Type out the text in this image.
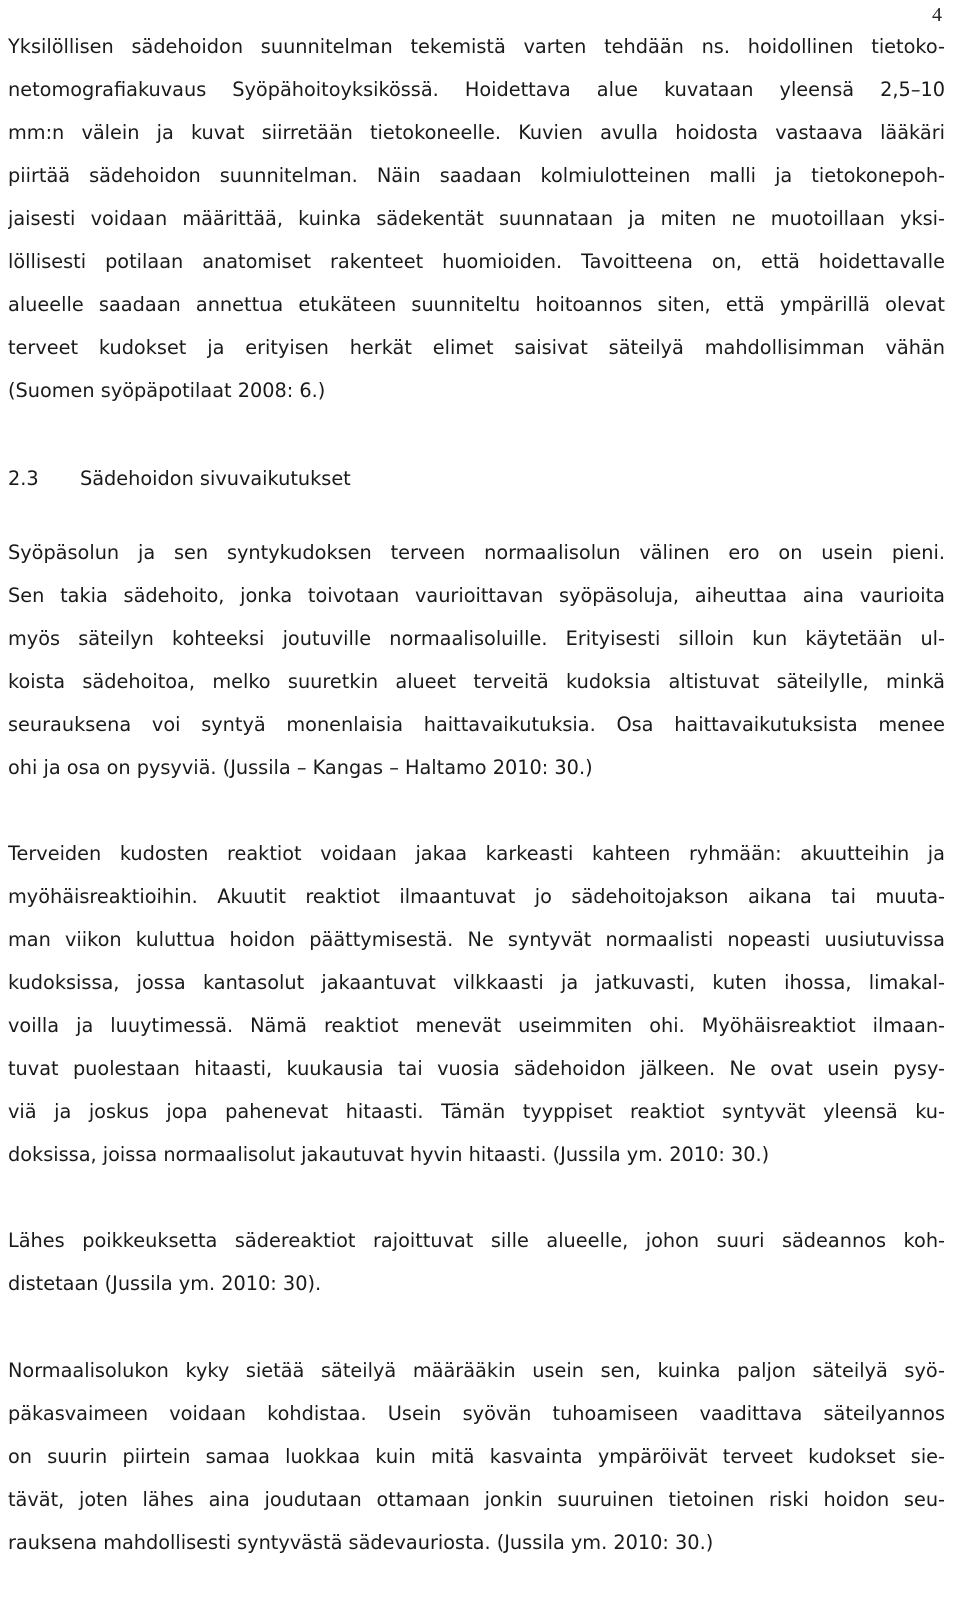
4
Yksilöllisen sädehoidon suunnitelman tekemistä varten tehdään ns. hoidollinen tietoko-
netomografiakuvaus Syöpähoitoyksikössä. Hoidettava alue kuvataan yleensä 2,5–10
mm:n välein ja kuvat siirretään tietokoneelle. Kuvien avulla hoidosta vastaava lääkäri
piirtää sädehoidon suunnitelman. Näin saadaan kolmiulotteinen malli ja tietokonepoh-
jaisesti voidaan määrittää, kuinka sädekentät suunnataan ja miten ne muotoillaan yksi-
löllisesti potilaan anatomiset rakenteet huomioiden. Tavoitteena on, että hoidettavalle
alueelle saadaan annettua etukäteen suunniteltu hoitoannos siten, että ympärillä olevat
terveet kudokset ja erityisen herkät elimet saisivat säteilyä mahdollisimman vähän
(Suomen syöpäpotilaat 2008: 6.)
2.3 Sädehoidon sivuvaikutukset
Syöpäsolun ja sen syntykudoksen terveen normaalisolun välinen ero on usein pieni.
Sen takia sädehoito, jonka toivotaan vaurioittavan syöpäsoluja, aiheuttaa aina vaurioita
myös säteilyn kohteeksi joutuville normaalisoluille. Erityisesti silloin kun käytetään ul-
koista sädehoitoa, melko suuretkin alueet terveitä kudoksia altistuvat säteilylle, minkä
seurauksena voi syntyä monenlaisia haittavaikutuksia. Osa haittavaikutuksista menee
ohi ja osa on pysyviä. (Jussila – Kangas – Haltamo 2010: 30.)
Terveiden kudosten reaktiot voidaan jakaa karkeasti kahteen ryhmään: akuutteihin ja
myöhäisreaktioihin. Akuutit reaktiot ilmaantuvat jo sädehoitojakson aikana tai muuta-
man viikon kuluttua hoidon päättymisestä. Ne syntyvät normaalisti nopeasti uusiutuvissa
kudoksissa, jossa kantasolut jakaantuvat vilkkaasti ja jatkuvasti, kuten ihossa, limakal-
voilla ja luuytimessä. Nämä reaktiot menevät useimmiten ohi. Myöhäisreaktiot ilmaan-
tuvat puolestaan hitaasti, kuukausia tai vuosia sädehoidon jälkeen. Ne ovat usein pysy-
viä ja joskus jopa pahenevat hitaasti. Tämän tyyppiset reaktiot syntyvät yleensä ku-
doksissa, joissa normaalisolut jakautuvat hyvin hitaasti. (Jussila ym. 2010: 30.)
Lähes poikkeuksetta sädereaktiot rajoittuvat sille alueelle, johon suuri sädeannos koh-
distetaan (Jussila ym. 2010: 30).
Normaalisolukon kyky sietää säteilyä määrääkin usein sen, kuinka paljon säteilyä syö-
päkasvaimeen voidaan kohdistaa. Usein syövän tuhoamiseen vaadittava säteilyannos
on suurin piirtein samaa luokkaa kuin mitä kasvainta ympäröivät terveet kudokset sie-
tävät, joten lähes aina joudutaan ottamaan jonkin suuruinen tietoinen riski hoidon seu-
rauksena mahdollisesti syntyvästä sädevauriosta. (Jussila ym. 2010: 30.)
